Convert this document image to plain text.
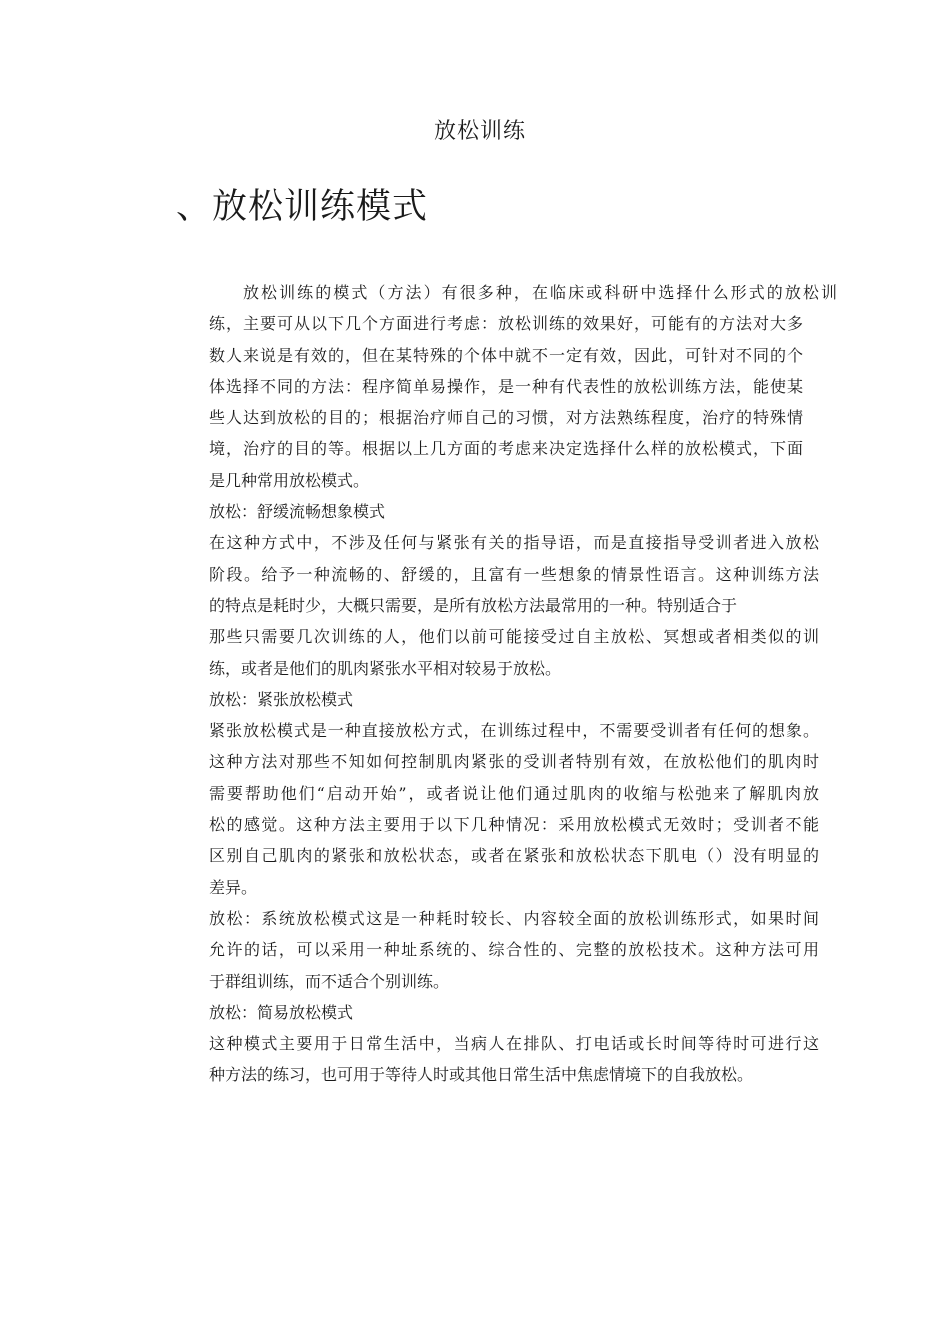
放松训练
、放松训练模式
放松训练的模式（方法）有很多种，在临床或科研中选择什么形式的放松训
练，主要可从以下几个方面进行考虑：放松训练的效果好，可能有的方法对大多
数人来说是有效的，但在某特殊的个体中就不一定有效，因此，可针对不同的个
体选择不同的方法：程序简单易操作，是一种有代表性的放松训练方法，能使某
些人达到放松的目的；根据治疗师自己的习惯，对方法熟练程度，治疗的特殊情
境，治疗的目的等。根据以上几方面的考虑来决定选择什么样的放松模式，下面
是几种常用放松模式。
放松：舒缓流畅想象模式
在这种方式中，不涉及任何与紧张有关的指导语，而是直接指导受训者进入放松
阶段。给予一种流畅的、舒缓的，且富有一些想象的情景性语言。这种训练方法
的特点是耗时少，大概只需要，是所有放松方法最常用的一种。特别适合于
那些只需要几次训练的人，他们以前可能接受过自主放松、冥想或者相类似的训
练，或者是他们的肌肉紧张水平相对较易于放松。
放松：紧张放松模式
紧张放松模式是一种直接放松方式，在训练过程中，不需要受训者有任何的想象。
这种方法对那些不知如何控制肌肉紧张的受训者特别有效，在放松他们的肌肉时
需要帮助他们“启动开始”，或者说让他们通过肌肉的收缩与松弛来了解肌肉放
松的感觉。这种方法主要用于以下几种情况：采用放松模式无效时；受训者不能
区别自己肌肉的紧张和放松状态，或者在紧张和放松状态下肌电（）没有明显的
差异。
放松：系统放松模式这是一种耗时较长、内容较全面的放松训练形式，如果时间
允许的话，可以采用一种址系统的、综合性的、完整的放松技术。这种方法可用
于群组训练，而不适合个别训练。
放松：简易放松模式
这种模式主要用于日常生活中，当病人在排队、打电话或长时间等待时可进行这
种方法的练习，也可用于等待人时或其他日常生活中焦虑情境下的自我放松。
